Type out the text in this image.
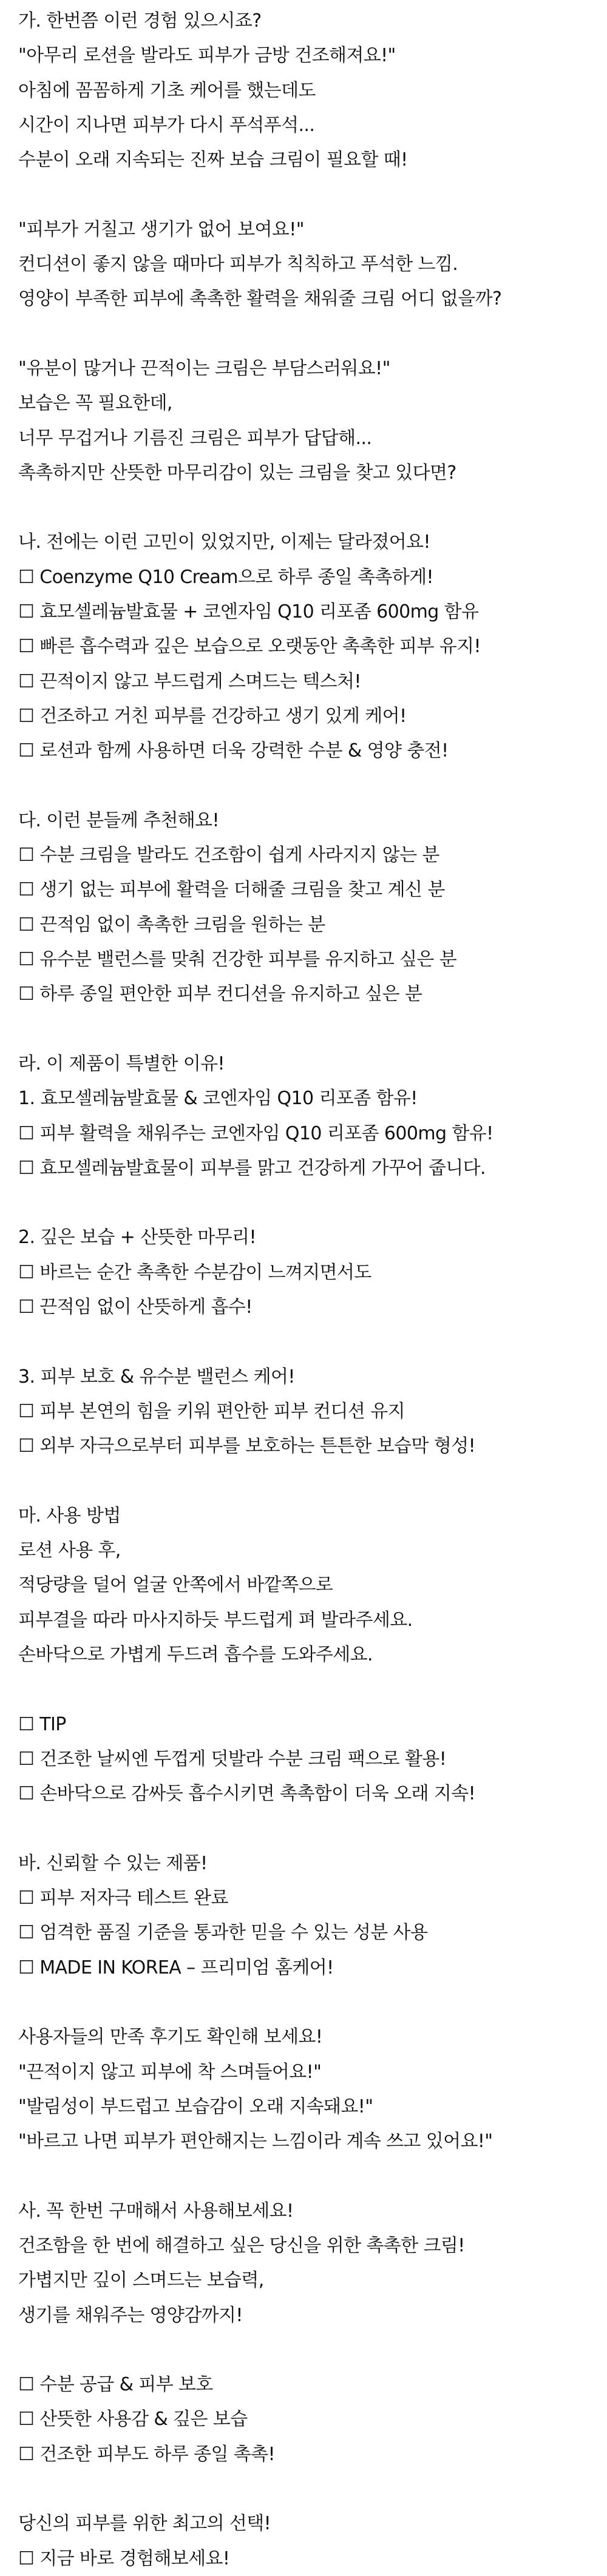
가. 한번쯤 이런 경험 있으시죠?
"아무리 로션을 발라도 피부가 금방 건조해져요!"
아침에 꼼꼼하게 기초 케어를 했는데도
시간이 지나면 피부가 다시 푸석푸석...
수분이 오래 지속되는 진짜 보습 크림이 필요할 때!
"피부가 거칠고 생기가 없어 보여요!"
컨디션이 좋지 않을 때마다 피부가 칙칙하고 푸석한 느낌.
영양이 부족한 피부에 촉촉한 활력을 채워줄 크림 어디 없을까?
"유분이 많거나 끈적이는 크림은 부담스러워요!"
보습은 꼭 필요한데,
너무 무겁거나 기름진 크림은 피부가 답답해...
촉촉하지만 산뜻한 마무리감이 있는 크림을 찾고 있다면?
나. 전에는 이런 고민이 있었지만, 이제는 달라졌어요!
☐ Coenzyme Q10 Cream으로 하루 종일 촉촉하게!
☐ 효모셀레늄발효물 + 코엔자임 Q10 리포좀 600mg 함유
☐ 빠른 흡수력과 깊은 보습으로 오랫동안 촉촉한 피부 유지!
☐ 끈적이지 않고 부드럽게 스며드는 텍스처!
☐ 건조하고 거친 피부를 건강하고 생기 있게 케어!
☐ 로션과 함께 사용하면 더욱 강력한 수분 & 영양 충전!
다. 이런 분들께 추천해요!
☐ 수분 크림을 발라도 건조함이 쉽게 사라지지 않는 분
☐ 생기 없는 피부에 활력을 더해줄 크림을 찾고 계신 분
☐ 끈적임 없이 촉촉한 크림을 원하는 분
☐ 유수분 밸런스를 맞춰 건강한 피부를 유지하고 싶은 분
☐ 하루 종일 편안한 피부 컨디션을 유지하고 싶은 분
라. 이 제품이 특별한 이유!
1. 효모셀레늄발효물 & 코엔자임 Q10 리포좀 함유!
☐ 피부 활력을 채워주는 코엔자임 Q10 리포좀 600mg 함유!
☐ 효모셀레늄발효물이 피부를 맑고 건강하게 가꾸어 줍니다.
2. 깊은 보습 + 산뜻한 마무리!
☐ 바르는 순간 촉촉한 수분감이 느껴지면서도
☐ 끈적임 없이 산뜻하게 흡수!
3. 피부 보호 & 유수분 밸런스 케어!
☐ 피부 본연의 힘을 키워 편안한 피부 컨디션 유지
☐ 외부 자극으로부터 피부를 보호하는 튼튼한 보습막 형성!
마. 사용 방법
로션 사용 후,
적당량을 덜어 얼굴 안쪽에서 바깥쪽으로
피부결을 따라 마사지하듯 부드럽게 펴 발라주세요.
손바닥으로 가볍게 두드려 흡수를 도와주세요.
☐ TIP
☐ 건조한 날씨엔 두껍게 덧발라 수분 크림 팩으로 활용!
☐ 손바닥으로 감싸듯 흡수시키면 촉촉함이 더욱 오래 지속!
바. 신뢰할 수 있는 제품!
☐ 피부 저자극 테스트 완료
☐ 엄격한 품질 기준을 통과한 믿을 수 있는 성분 사용
☐ MADE IN KOREA – 프리미엄 홈케어!
사용자들의 만족 후기도 확인해 보세요!
"끈적이지 않고 피부에 착 스며들어요!"
"발림성이 부드럽고 보습감이 오래 지속돼요!"
"바르고 나면 피부가 편안해지는 느낌이라 계속 쓰고 있어요!"
사. 꼭 한번 구매해서 사용해보세요!
건조함을 한 번에 해결하고 싶은 당신을 위한 촉촉한 크림!
가볍지만 깊이 스며드는 보습력,
생기를 채워주는 영양감까지!
☐ 수분 공급 & 피부 보호
☐ 산뜻한 사용감 & 깊은 보습
☐ 건조한 피부도 하루 종일 촉촉!
당신의 피부를 위한 최고의 선택!
☐ 지금 바로 경험해보세요!
